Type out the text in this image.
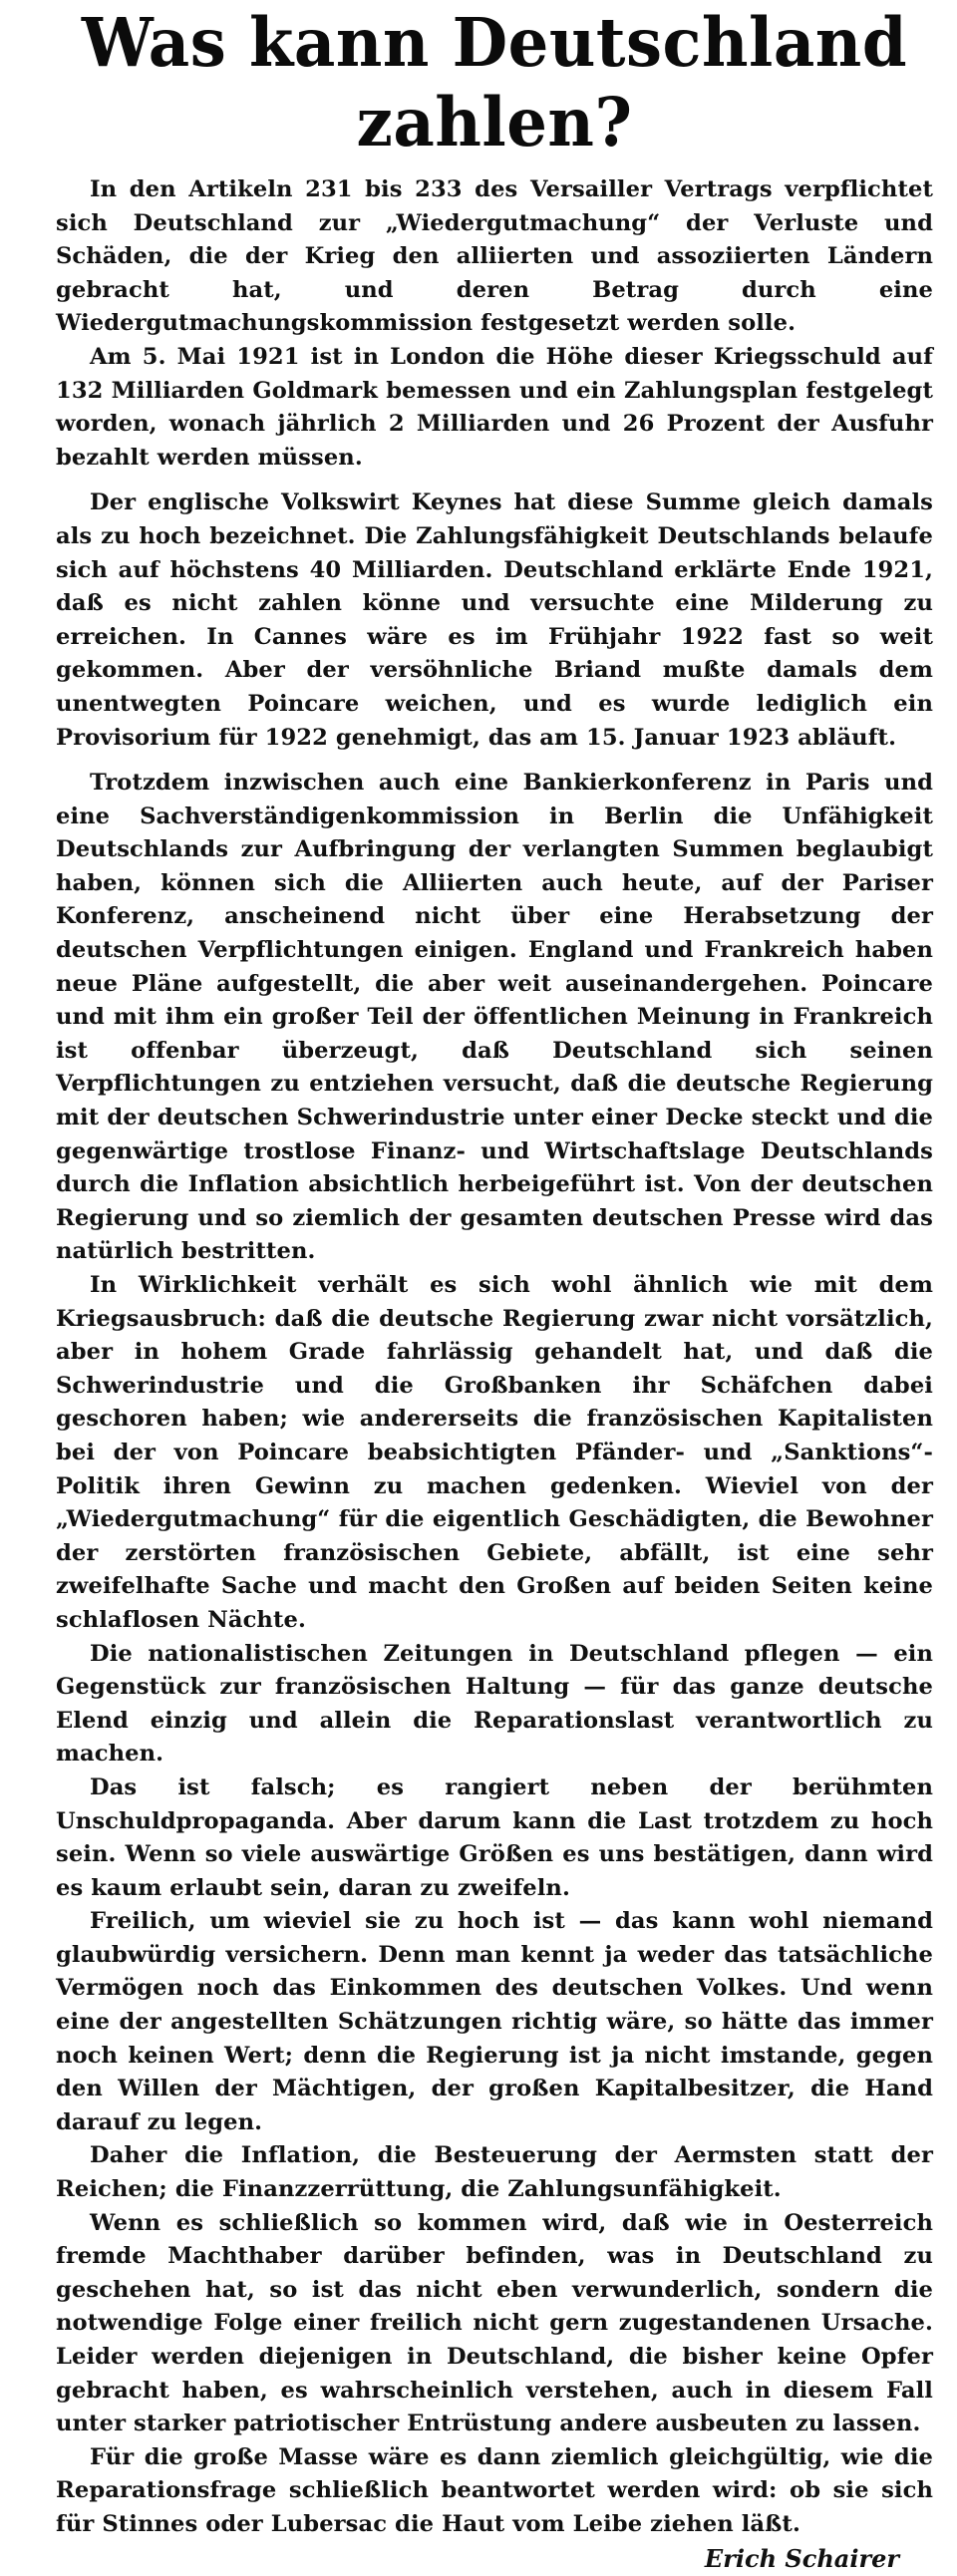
Was kann Deutschland zahlen?

In den Artikeln 231 bis 233 des Versailler Vertrags verpflichtet sich Deutschland zur „Wiedergutmachung“ der Verluste und Schäden, die der Krieg den alliierten und assoziierten Ländern gebracht hat, und deren Betrag durch eine Wiedergutmachungskommission festgesetzt werden solle.

Am 5. Mai 1921 ist in London die Höhe dieser Kriegsschuld auf 132 Milliarden Goldmark bemessen und ein Zahlungsplan festgelegt worden, wonach jährlich 2 Milliarden und 26 Prozent der Ausfuhr bezahlt werden müssen.

Der englische Volkswirt Keynes hat diese Summe gleich damals als zu hoch bezeichnet. Die Zahlungsfähigkeit Deutschlands belaufe sich auf höchstens 40 Milliarden. Deutschland erklärte Ende 1921, daß es nicht zahlen könne und versuchte eine Milderung zu erreichen. In Cannes wäre es im Frühjahr 1922 fast so weit gekommen. Aber der versöhnliche Briand mußte damals dem unentwegten Poincare weichen, und es wurde lediglich ein Provisorium für 1922 genehmigt, das am 15. Januar 1923 abläuft.

Trotzdem inzwischen auch eine Bankierkonferenz in Paris und eine Sachverständigenkommission in Berlin die Unfähigkeit Deutschlands zur Aufbringung der verlangten Summen beglaubigt haben, können sich die Alliierten auch heute, auf der Pariser Konferenz, anscheinend nicht über eine Herabsetzung der deutschen Verpflichtungen einigen. England und Frankreich haben neue Pläne aufgestellt, die aber weit auseinandergehen. Poincare und mit ihm ein großer Teil der öffentlichen Meinung in Frankreich ist offenbar überzeugt, daß Deutschland sich seinen Verpflichtungen zu entziehen versucht, daß die deutsche Regierung mit der deutschen Schwerindustrie unter einer Decke steckt und die gegenwärtige trostlose Finanz- und Wirtschaftslage Deutschlands durch die Inflation absichtlich herbeigeführt ist. Von der deutschen Regierung und so ziemlich der gesamten deutschen Presse wird das natürlich bestritten.

In Wirklichkeit verhält es sich wohl ähnlich wie mit dem Kriegsausbruch: daß die deutsche Regierung zwar nicht vorsätzlich, aber in hohem Grade fahrlässig gehandelt hat, und daß die Schwerindustrie und die Großbanken ihr Schäfchen dabei geschoren haben; wie andererseits die französischen Kapitalisten bei der von Poincare beabsichtigten Pfänder- und „Sanktions“-Politik ihren Gewinn zu machen gedenken. Wieviel von der „Wiedergutmachung“ für die eigentlich Geschädigten, die Bewohner der zerstörten französischen Gebiete, abfällt, ist eine sehr zweifelhafte Sache und macht den Großen auf beiden Seiten keine schlaflosen Nächte.

Die nationalistischen Zeitungen in Deutschland pflegen — ein Gegenstück zur französischen Haltung — für das ganze deutsche Elend einzig und allein die Reparationslast verantwortlich zu machen.

Das ist falsch; es rangiert neben der berühmten Unschuldpropaganda. Aber darum kann die Last trotzdem zu hoch sein. Wenn so viele auswärtige Größen es uns bestätigen, dann wird es kaum erlaubt sein, daran zu zweifeln.

Freilich, um wieviel sie zu hoch ist — das kann wohl niemand glaubwürdig versichern. Denn man kennt ja weder das tatsächliche Vermögen noch das Einkommen des deutschen Volkes. Und wenn eine der angestellten Schätzungen richtig wäre, so hätte das immer noch keinen Wert; denn die Regierung ist ja nicht imstande, gegen den Willen der Mächtigen, der großen Kapitalbesitzer, die Hand darauf zu legen.

Daher die Inflation, die Besteuerung der Aermsten statt der Reichen; die Finanzzerrüttung, die Zahlungsunfähigkeit.

Wenn es schließlich so kommen wird, daß wie in Oesterreich fremde Machthaber darüber befinden, was in Deutschland zu geschehen hat, so ist das nicht eben verwunderlich, sondern die notwendige Folge einer freilich nicht gern zugestandenen Ursache. Leider werden diejenigen in Deutschland, die bisher keine Opfer gebracht haben, es wahrscheinlich verstehen, auch in diesem Fall unter starker patriotischer Entrüstung andere ausbeuten zu lassen.

Für die große Masse wäre es dann ziemlich gleichgültig, wie die Reparationsfrage schließlich beantwortet werden wird: ob sie sich für Stinnes oder Lubersac die Haut vom Leibe ziehen läßt.

Erich Schairer
